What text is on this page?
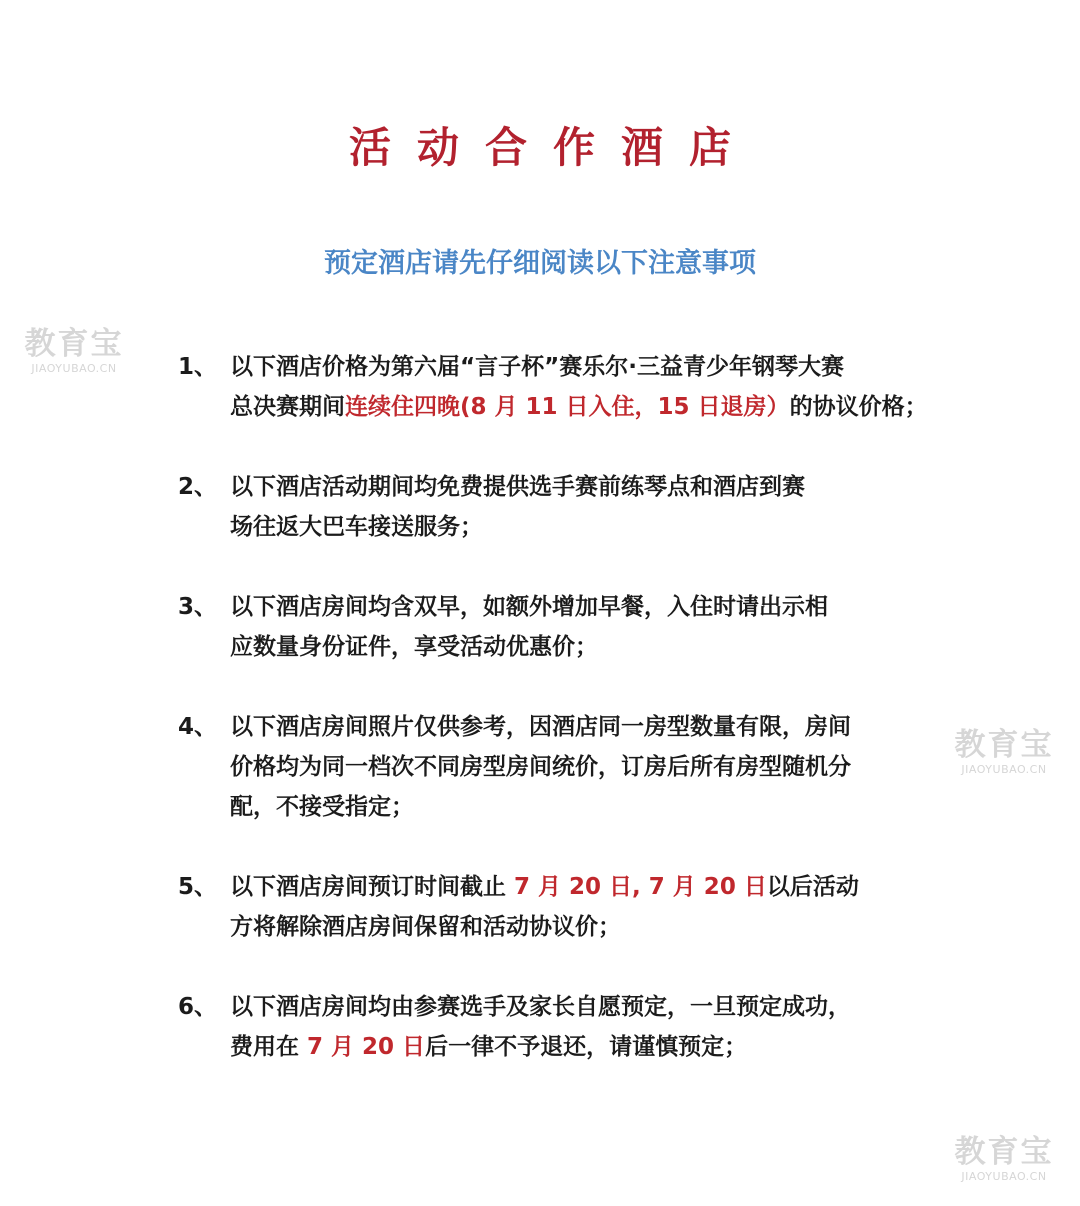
活动合作酒店
预定酒店请先仔细阅读以下注意事项
1、 以下酒店价格为第六届“言子杯”赛乐尔·三益青少年钢琴大赛
总决赛期间连续住四晚(8 月 11 日入住，15 日退房）的协议价格；
2、 以下酒店活动期间均免费提供选手赛前练琴点和酒店到赛
场往返大巴车接送服务；
3、 以下酒店房间均含双早，如额外增加早餐，入住时请出示相
应数量身份证件，享受活动优惠价；
4、 以下酒店房间照片仅供参考，因酒店同一房型数量有限，房间
价格均为同一档次不同房型房间统价，订房后所有房型随机分
配，不接受指定；
5、 以下酒店房间预订时间截止 7 月 20 日, 7 月 20 日以后活动
方将解除酒店房间保留和活动协议价；
6、 以下酒店房间均由参赛选手及家长自愿预定，一旦预定成功，
费用在 7 月 20 日后一律不予退还，请谨慎预定；
教育宝
JIAOYUBAO.CN
教育宝
JIAOYUBAO.CN
教育宝
JIAOYUBAO.CN
